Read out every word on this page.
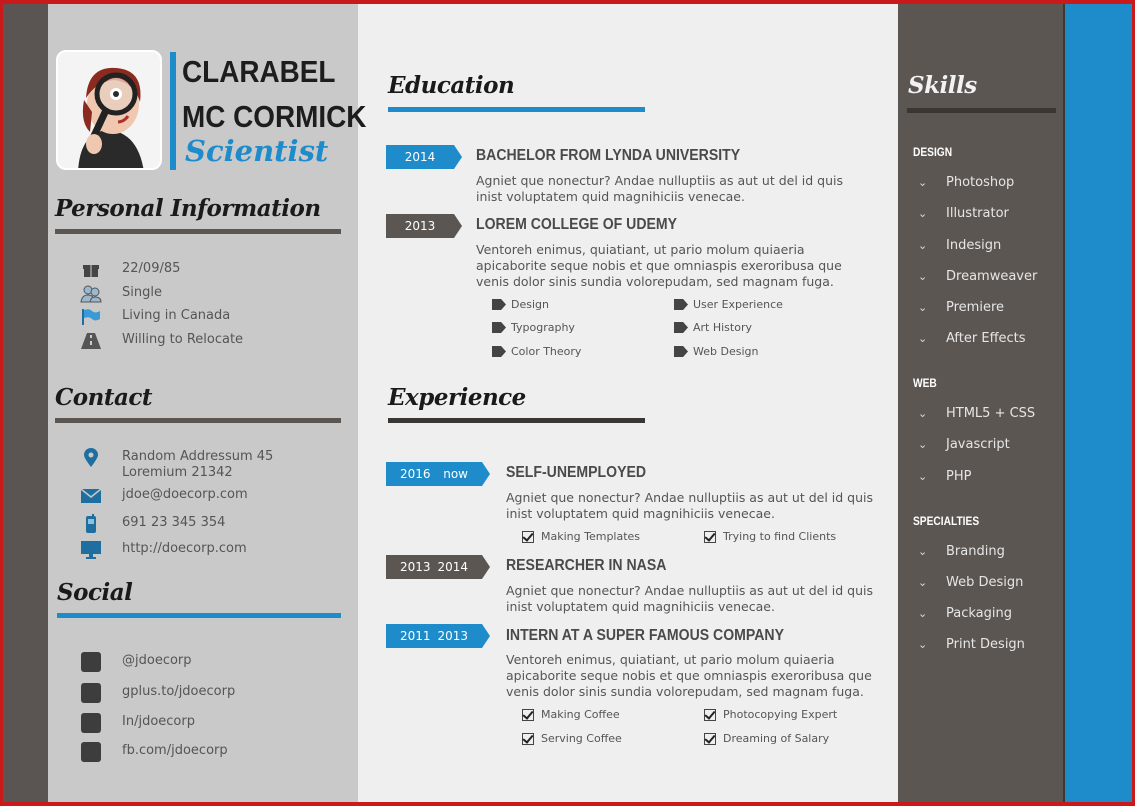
CLARABEL
MC CORMICK
Scientist
Personal Information
22/09/85
Single
Living in Canada
Willing to Relocate
Contact
Random Addressum 45
Loremium 21342
jdoe@doecorp.com
691 23 345 354
http://doecorp.com
Social
@jdoecorp
gplus.to/jdoecorp
In/jdoecorp
fb.com/jdoecorp
Education
2014	BACHELOR FROM LYNDA UNIVERSITY
Agniet que nonectur? Andae nulluptiis as aut ut del id quis
inist voluptatem quid magnihiciis venecae.
2013	LOREM COLLEGE OF UDEMY
Ventoreh enimus, quiatiant, ut pario molum quiaeria
apicaborite seque nobis et que omniaspis exeroribusa que
venis dolor sinis sundia volorepudam, sed magnam fuga.
Design	User Experience
Typography	Art History
Color Theory	Web Design
Experience
2016 now SELF-UNEMPLOYED
Agniet que nonectur? Andae nulluptiis as aut ut del id quis
inist voluptatem quid magnihiciis venecae.
Making Templates	Trying to find Clients
2013 2014 RESEARCHER IN NASA
Agniet que nonectur? Andae nulluptiis as aut ut del id quis
inist voluptatem quid magnihiciis venecae.
2011 2013 INTERN AT A SUPER FAMOUS COMPANY
Ventoreh enimus, quiatiant, ut pario molum quiaeria
apicaborite seque nobis et que omniaspis exeroribusa que
venis dolor sinis sundia volorepudam, sed magnam fuga.
Making Coffee	Photocopying Expert
Serving Coffee	Dreaming of Salary
Skills
DESIGN
⌄	Photoshop
⌄	Illustrator
⌄	Indesign
⌄	Dreamweaver
⌄	Premiere
⌄	After Effects
WEB
⌄	HTML5 + CSS
⌄	Javascript
⌄	PHP
SPECIALTIES
⌄	Branding
⌄	Web Design
⌄	Packaging
⌄	Print Design
